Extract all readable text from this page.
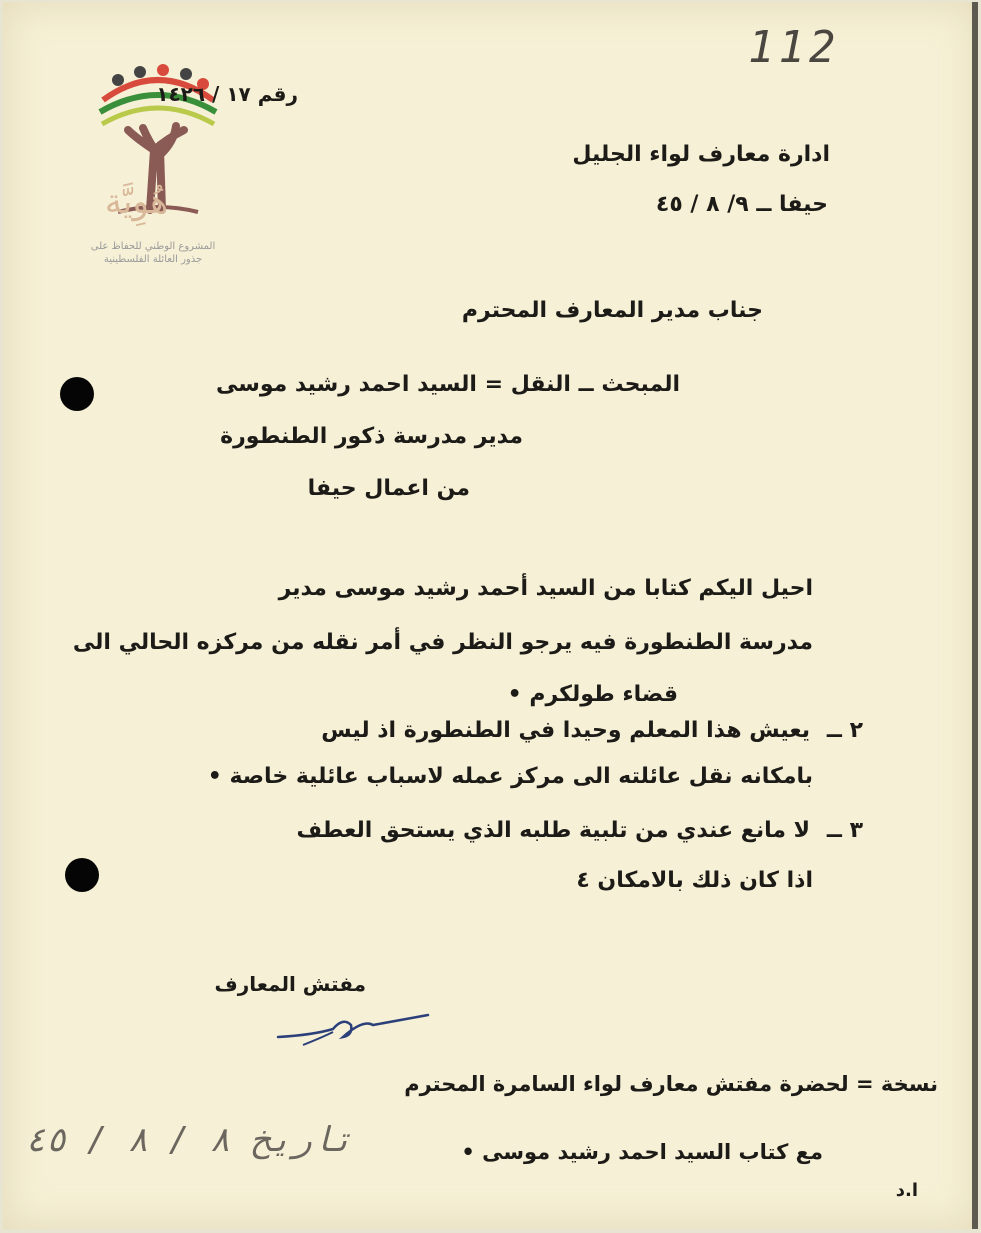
هُوِيَّة
المشروع الوطني للحفاظ على
جذور العائلة الفلسطينية
112
رقم ١٧ / ١٤٢٦
ادارة معارف لواء الجليل
حيفا ــ ٩/ ٨ / ٤٥
جناب مدير المعارف المحترم
المبحث ــ النقل = السيد احمد رشيد موسى
مدير مدرسة ذكور الطنطورة
من اعمال حيفا
احيل اليكم كتابا من السيد أحمد رشيد موسى مدير
مدرسة الطنطورة فيه يرجو النظر في أمر نقله من مركزه الحالي الى
قضاء طولكرم •
٢ ــ
يعيش هذا المعلم وحيدا في الطنطورة اذ ليس
بامكانه نقل عائلته الى مركز عمله لاسباب عائلية خاصة •
٣ ــ
لا مانع عندي من تلبية طلبه الذي يستحق العطف
اذا كان ذلك بالامكان ٤
مفتش المعارف
نسخة = لحضرة مفتش معارف لواء السامرة المحترم
مع كتاب السيد احمد رشيد موسى •
تاريخ ٨ / ٨ / ٤٥
ا.د
